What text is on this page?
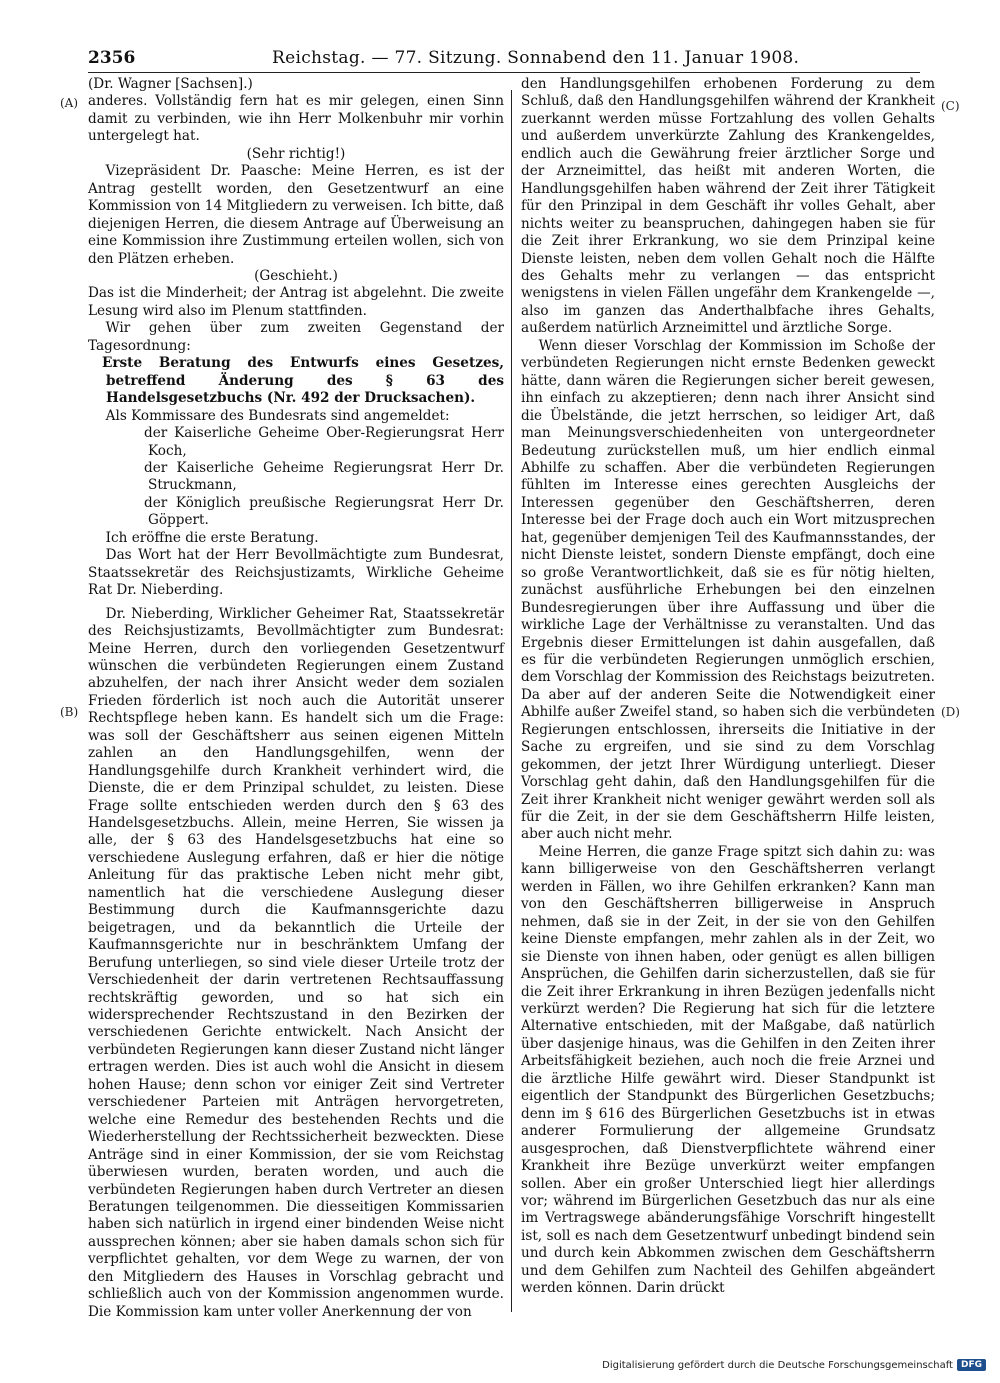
2356	Reichstag. — 77. Sitzung. Sonnabend den 11. Januar 1908.
(A)
(B)
(C)
(D)

(Dr. Wagner [Sachsen].)

anderes. Vollständig fern hat es mir gelegen, einen Sinn damit zu verbinden, wie ihn Herr Molkenbuhr mir vorhin untergelegt hat.

(Sehr richtig!)

Vizepräsident Dr. Paasche: Meine Herren, es ist der Antrag gestellt worden, den Gesetzentwurf an eine Kommission von 14 Mitgliedern zu verweisen. Ich bitte, daß diejenigen Herren, die diesem Antrage auf Überweisung an eine Kommission ihre Zustimmung erteilen wollen, sich von den Plätzen erheben.

(Geschieht.)

Das ist die Minderheit; der Antrag ist abgelehnt. Die zweite Lesung wird also im Plenum stattfinden.

Wir gehen über zum zweiten Gegenstand der Tagesordnung:

Erste Beratung des Entwurfs eines Gesetzes, betreffend Änderung des § 63 des Handelsgesetzbuchs (Nr. 492 der Drucksachen).

Als Kommissare des Bundesrats sind angemeldet:

der Kaiserliche Geheime Ober-Regierungsrat Herr Koch,

der Kaiserliche Geheime Regierungsrat Herr Dr. Struckmann,

der Königlich preußische Regierungsrat Herr Dr. Göppert.

Ich eröffne die erste Beratung.

Das Wort hat der Herr Bevollmächtigte zum Bundesrat, Staatssekretär des Reichsjustizamts, Wirkliche Geheime Rat Dr. Nieberding.

Dr. Nieberding, Wirklicher Geheimer Rat, Staatssekretär des Reichsjustizamts, Bevollmächtigter zum Bundesrat: Meine Herren, durch den vorliegenden Gesetzentwurf wünschen die verbündeten Regierungen einem Zustand abzuhelfen, der nach ihrer Ansicht weder dem sozialen Frieden förderlich ist noch auch die Autorität unserer Rechtspflege heben kann. Es handelt sich um die Frage: was soll der Geschäftsherr aus seinen eigenen Mitteln zahlen an den Handlungsgehilfen, wenn der Handlungsgehilfe durch Krankheit verhindert wird, die Dienste, die er dem Prinzipal schuldet, zu leisten. Diese Frage sollte entschieden werden durch den § 63 des Handelsgesetzbuchs. Allein, meine Herren, Sie wissen ja alle, der § 63 des Handelsgesetzbuchs hat eine so verschiedene Auslegung erfahren, daß er hier die nötige Anleitung für das praktische Leben nicht mehr gibt, namentlich hat die verschiedene Auslegung dieser Bestimmung durch die Kaufmannsgerichte dazu beigetragen, und da bekanntlich die Urteile der Kaufmannsgerichte nur in beschränktem Umfang der Berufung unterliegen, so sind viele dieser Urteile trotz der Verschiedenheit der darin vertretenen Rechtsauffassung rechtskräftig geworden, und so hat sich ein widersprechender Rechtszustand in den Bezirken der verschiedenen Gerichte entwickelt. Nach Ansicht der verbündeten Regierungen kann dieser Zustand nicht länger ertragen werden. Dies ist auch wohl die Ansicht in diesem hohen Hause; denn schon vor einiger Zeit sind Vertreter verschiedener Parteien mit Anträgen hervorgetreten, welche eine Remedur des bestehenden Rechts und die Wiederherstellung der Rechtssicherheit bezweckten. Diese Anträge sind in einer Kommission, der sie vom Reichstag überwiesen wurden, beraten worden, und auch die verbündeten Regierungen haben durch Vertreter an diesen Beratungen teilgenommen. Die diesseitigen Kommissarien haben sich natürlich in irgend einer bindenden Weise nicht aussprechen können; aber sie haben damals schon sich für verpflichtet gehalten, vor dem Wege zu warnen, der von den Mitgliedern des Hauses in Vorschlag gebracht und schließlich auch von der Kommission angenommen wurde. Die Kommission kam unter voller Anerkennung der von

den Handlungsgehilfen erhobenen Forderung zu dem Schluß, daß den Handlungsgehilfen während der Krankheit zuerkannt werden müsse Fortzahlung des vollen Gehalts und außerdem unverkürzte Zahlung des Krankengeldes, endlich auch die Gewährung freier ärztlicher Sorge und der Arzneimittel, das heißt mit anderen Worten, die Handlungsgehilfen haben während der Zeit ihrer Tätigkeit für den Prinzipal in dem Geschäft ihr volles Gehalt, aber nichts weiter zu beanspruchen, dahingegen haben sie für die Zeit ihrer Erkrankung, wo sie dem Prinzipal keine Dienste leisten, neben dem vollen Gehalt noch die Hälfte des Gehalts mehr zu verlangen — das entspricht wenigstens in vielen Fällen ungefähr dem Krankengelde —, also im ganzen das Anderthalbfache ihres Gehalts, außerdem natürlich Arzneimittel und ärztliche Sorge.

Wenn dieser Vorschlag der Kommission im Schoße der verbündeten Regierungen nicht ernste Bedenken geweckt hätte, dann wären die Regierungen sicher bereit gewesen, ihn einfach zu akzeptieren; denn nach ihrer Ansicht sind die Übelstände, die jetzt herrschen, so leidiger Art, daß man Meinungsverschiedenheiten von untergeordneter Bedeutung zurückstellen muß, um hier endlich einmal Abhilfe zu schaffen. Aber die verbündeten Regierungen fühlten im Interesse eines gerechten Ausgleichs der Interessen gegenüber den Geschäftsherren, deren Interesse bei der Frage doch auch ein Wort mitzusprechen hat, gegenüber demjenigen Teil des Kaufmannsstandes, der nicht Dienste leistet, sondern Dienste empfängt, doch eine so große Verantwortlichkeit, daß sie es für nötig hielten, zunächst ausführliche Erhebungen bei den einzelnen Bundesregierungen über ihre Auffassung und über die wirkliche Lage der Verhältnisse zu veranstalten. Und das Ergebnis dieser Ermittelungen ist dahin ausgefallen, daß es für die verbündeten Regierungen unmöglich erschien, dem Vorschlag der Kommission des Reichstags beizutreten. Da aber auf der anderen Seite die Notwendigkeit einer Abhilfe außer Zweifel stand, so haben sich die verbündeten Regierungen entschlossen, ihrerseits die Initiative in der Sache zu ergreifen, und sie sind zu dem Vorschlag gekommen, der jetzt Ihrer Würdigung unterliegt. Dieser Vorschlag geht dahin, daß den Handlungsgehilfen für die Zeit ihrer Krankheit nicht weniger gewährt werden soll als für die Zeit, in der sie dem Geschäftsherrn Hilfe leisten, aber auch nicht mehr.

Meine Herren, die ganze Frage spitzt sich dahin zu: was kann billigerweise von den Geschäftsherren verlangt werden in Fällen, wo ihre Gehilfen erkranken? Kann man von den Geschäftsherren billigerweise in Anspruch nehmen, daß sie in der Zeit, in der sie von den Gehilfen keine Dienste empfangen, mehr zahlen als in der Zeit, wo sie Dienste von ihnen haben, oder genügt es allen billigen Ansprüchen, die Gehilfen darin sicherzustellen, daß sie für die Zeit ihrer Erkrankung in ihren Bezügen jedenfalls nicht verkürzt werden? Die Regierung hat sich für die letztere Alternative entschieden, mit der Maßgabe, daß natürlich über dasjenige hinaus, was die Gehilfen in den Zeiten ihrer Arbeitsfähigkeit beziehen, auch noch die freie Arznei und die ärztliche Hilfe gewährt wird. Dieser Standpunkt ist eigentlich der Standpunkt des Bürgerlichen Gesetzbuchs; denn im § 616 des Bürgerlichen Gesetzbuchs ist in etwas anderer Formulierung der allgemeine Grundsatz ausgesprochen, daß Dienstverpflichtete während einer Krankheit ihre Bezüge unverkürzt weiter empfangen sollen. Aber ein großer Unterschied liegt hier allerdings vor; während im Bürgerlichen Gesetzbuch das nur als eine im Vertragswege abänderungsfähige Vorschrift hingestellt ist, soll es nach dem Gesetzentwurf unbedingt bindend sein und durch kein Abkommen zwischen dem Geschäftsherrn und dem Gehilfen zum Nachteil des Gehilfen abgeändert werden können. Darin drückt

Digitalisierung gefördert durch die Deutsche Forschungsgemeinschaft DFG
